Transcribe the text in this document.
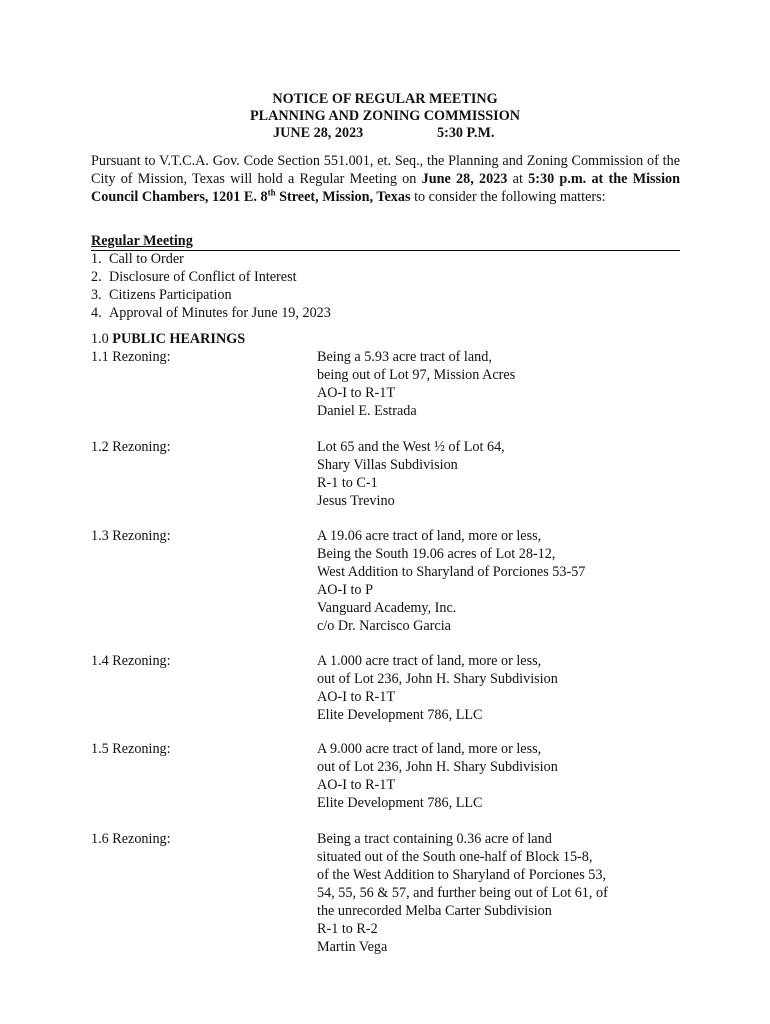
NOTICE OF REGULAR MEETING
PLANNING AND ZONING COMMISSION
JUNE 28, 2023	5:30 P.M.
Pursuant to V.T.C.A. Gov. Code Section 551.001, et. Seq., the Planning and Zoning Commission of the City of Mission, Texas will hold a Regular Meeting on June 28, 2023 at 5:30 p.m. at the Mission Council Chambers, 1201 E. 8th Street, Mission, Texas to consider the following matters:
Regular Meeting
1. Call to Order
2. Disclosure of Conflict of Interest
3. Citizens Participation
4. Approval of Minutes for June 19, 2023
1.0 PUBLIC HEARINGS
1.1 Rezoning:	Being a 5.93 acre tract of land,
being out of Lot 97, Mission Acres
AO-I to R-1T
Daniel E. Estrada
1.2 Rezoning:	Lot 65 and the West ½ of Lot 64,
Shary Villas Subdivision
R-1 to C-1
Jesus Trevino
1.3 Rezoning:	A 19.06 acre tract of land, more or less,
Being the South 19.06 acres of Lot 28-12,
West Addition to Sharyland of Porciones 53-57
AO-I to P
Vanguard Academy, Inc.
c/o Dr. Narcisco Garcia
1.4 Rezoning:	A 1.000 acre tract of land, more or less,
out of Lot 236, John H. Shary Subdivision
AO-I to R-1T
Elite Development 786, LLC
1.5 Rezoning:	A 9.000 acre tract of land, more or less,
out of Lot 236, John H. Shary Subdivision
AO-I to R-1T
Elite Development 786, LLC
1.6 Rezoning:	Being a tract containing 0.36 acre of land
situated out of the South one-half of Block 15-8,
of the West Addition to Sharyland of Porciones 53,
54, 55, 56 & 57, and further being out of Lot 61, of
the unrecorded Melba Carter Subdivision
R-1 to R-2
Martin Vega
